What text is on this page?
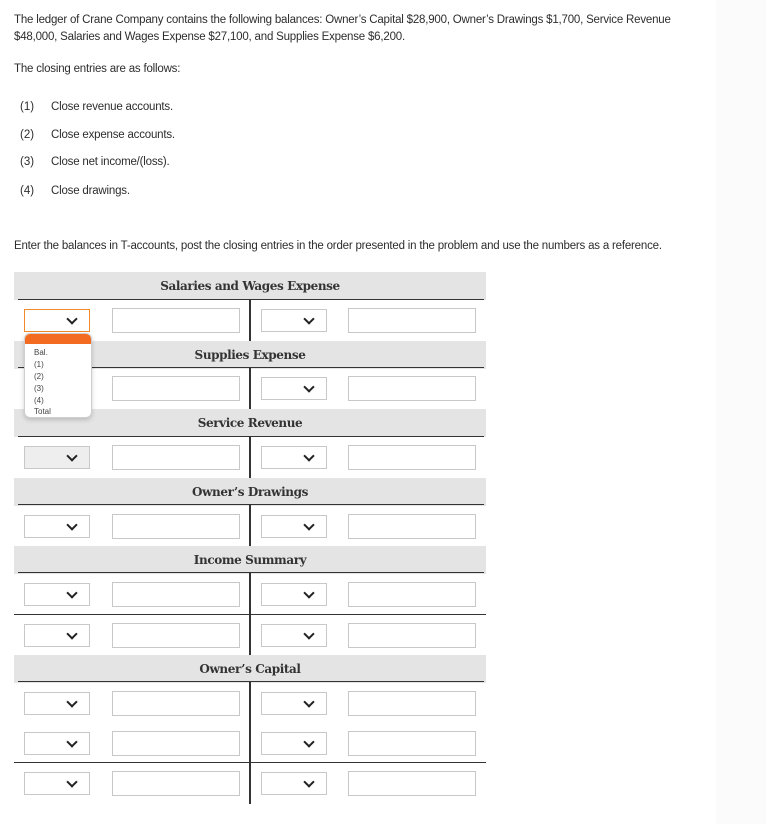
The ledger of Crane Company contains the following balances: Owner’s Capital $28,900, Owner’s Drawings $1,700, Service Revenue
$48,000, Salaries and Wages Expense $27,100, and Supplies Expense $6,200.
The closing entries are as follows:
(1) Close revenue accounts.
(2) Close expense accounts.
(3) Close net income/(loss).
(4) Close drawings.
Enter the balances in T-accounts, post the closing entries in the order presented in the problem and use the numbers as a reference.
Salaries and Wages Expense
Supplies Expense
Service Revenue
Owner’s Drawings
Income Summary
Owner’s Capital
Bal.
(1)
(2)
(3)
(4)
Total
